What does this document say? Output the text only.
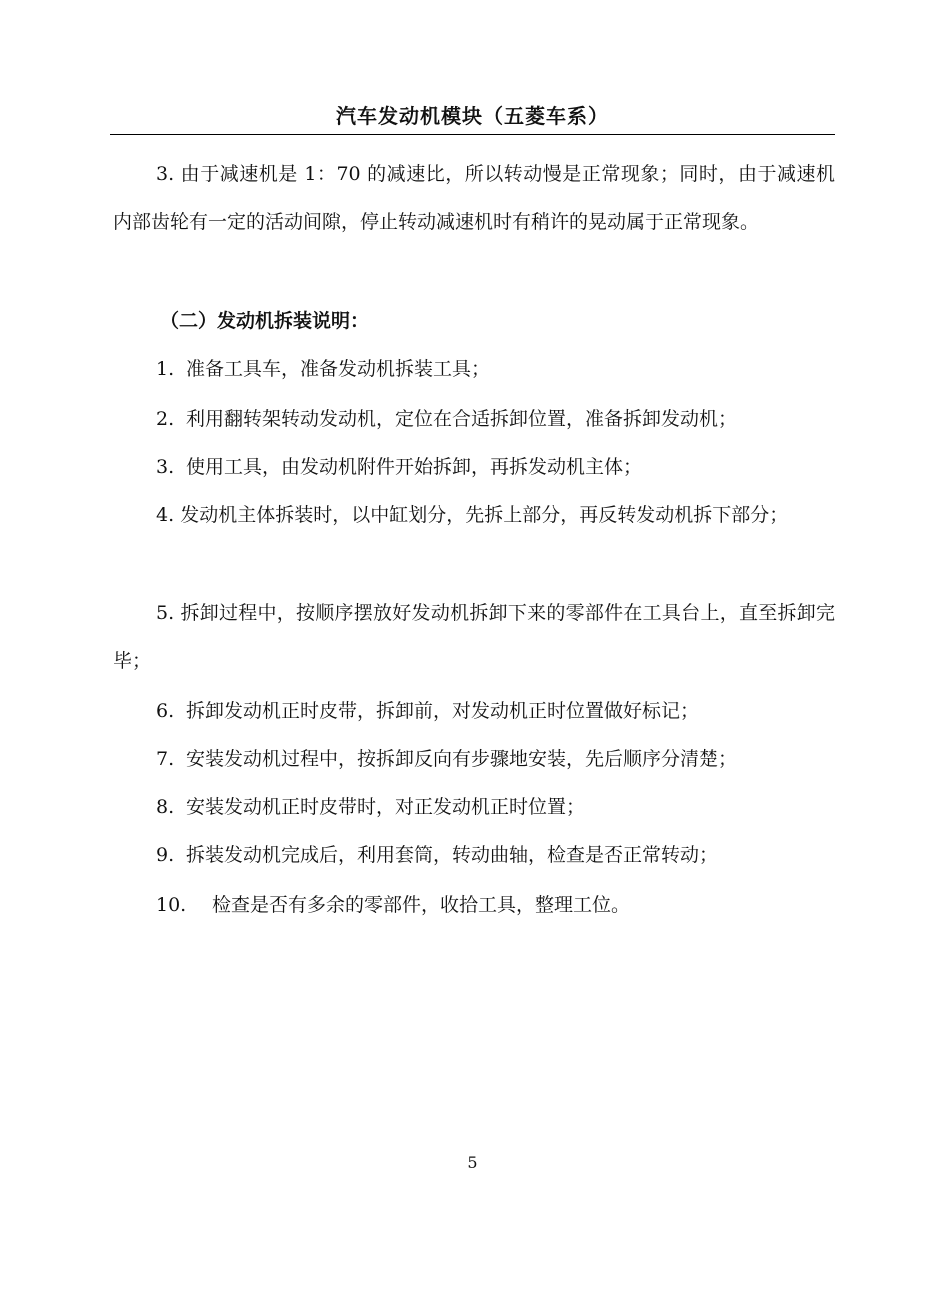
汽车发动机模块（五菱车系）

3. 由于减速机是 1：70 的减速比，所以转动慢是正常现象；同时，由于减速机内部齿轮有一定的活动间隙，停止转动减速机时有稍许的晃动属于正常现象。

（二）发动机拆装说明：

1. 准备工具车，准备发动机拆装工具；

2. 利用翻转架转动发动机，定位在合适拆卸位置，准备拆卸发动机；

3. 使用工具，由发动机附件开始拆卸，再拆发动机主体；

4. 发动机主体拆装时，以中缸划分，先拆上部分，再反转发动机拆下部分；

5. 拆卸过程中，按顺序摆放好发动机拆卸下来的零部件在工具台上，直至拆卸完毕；

6. 拆卸发动机正时皮带，拆卸前，对发动机正时位置做好标记；

7. 安装发动机过程中，按拆卸反向有步骤地安装，先后顺序分清楚；

8. 安装发动机正时皮带时，对正发动机正时位置；

9. 拆装发动机完成后，利用套筒，转动曲轴，检查是否正常转动；

10. 检查是否有多余的零部件，收拾工具，整理工位。

5
